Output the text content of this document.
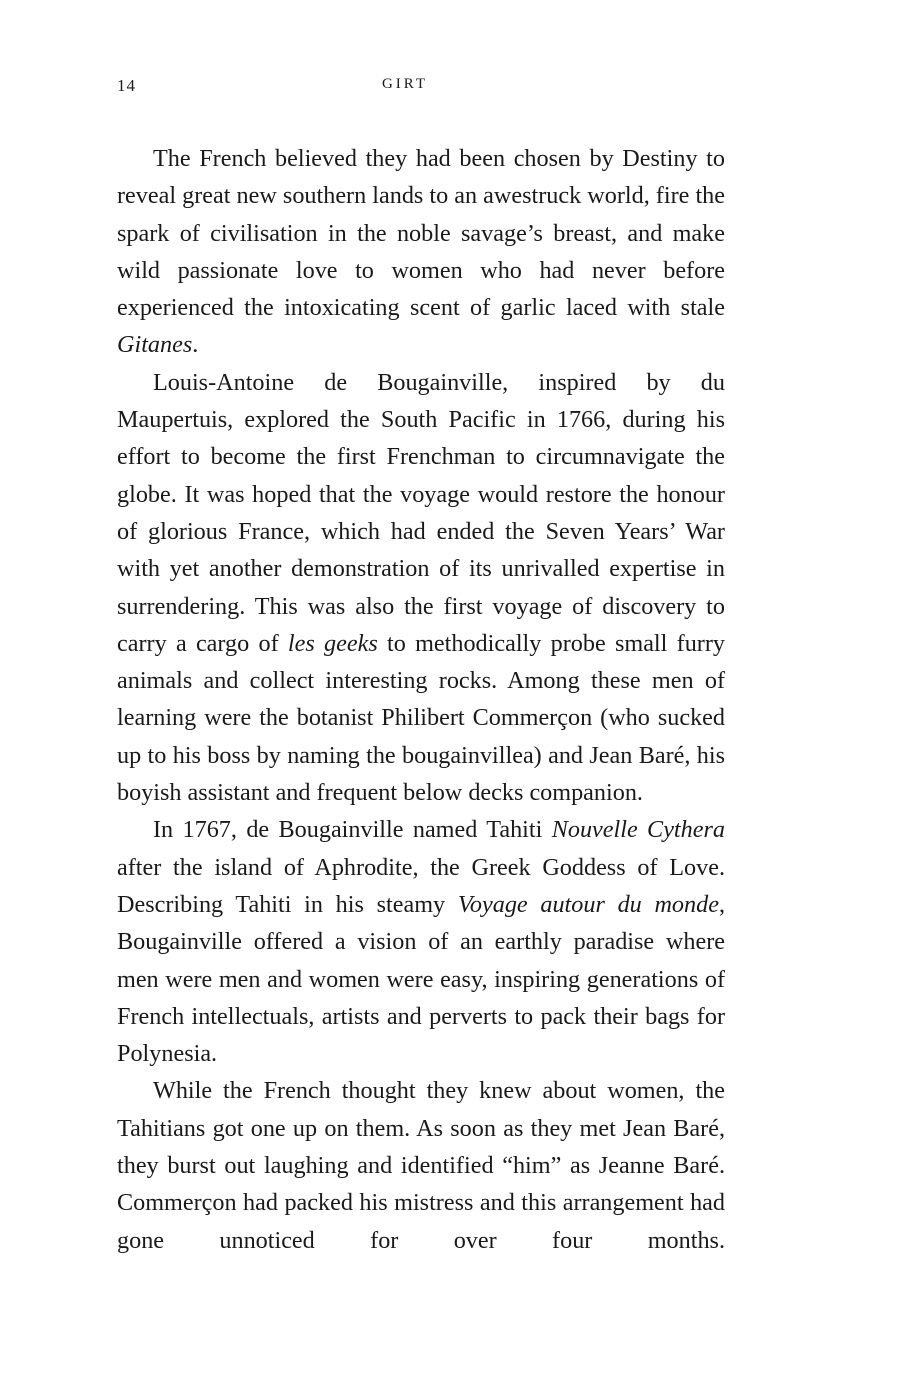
14	GIRT

The French believed they had been chosen by Destiny to reveal great new southern lands to an awestruck world, fire the spark of civilisation in the noble savage’s breast, and make wild passionate love to women who had never before experienced the intoxicating scent of garlic laced with stale Gitanes.

Louis-Antoine de Bougainville, inspired by du Maupertuis, explored the South Pacific in 1766, during his effort to become the first Frenchman to circumnavigate the globe. It was hoped that the voyage would restore the honour of glorious France, which had ended the Seven Years’ War with yet another demonstration of its unrivalled expertise in surrendering. This was also the first voyage of discovery to carry a cargo of les geeks to methodically probe small furry animals and collect interesting rocks. Among these men of learning were the botanist Philibert Commerçon (who sucked up to his boss by naming the bougainvillea) and Jean Baré, his boyish assistant and frequent below decks companion.

In 1767, de Bougainville named Tahiti Nouvelle Cythera after the island of Aphrodite, the Greek Goddess of Love. Describing Tahiti in his steamy Voyage autour du monde, Bougainville offered a vision of an earthly paradise where men were men and women were easy, inspiring generations of French intellectuals, artists and perverts to pack their bags for Polynesia.

While the French thought they knew about women, the Tahitians got one up on them. As soon as they met Jean Baré, they burst out laughing and identified “him” as Jeanne Baré. Commerçon had packed his mistress and this arrangement had gone unnoticed for over four months.
